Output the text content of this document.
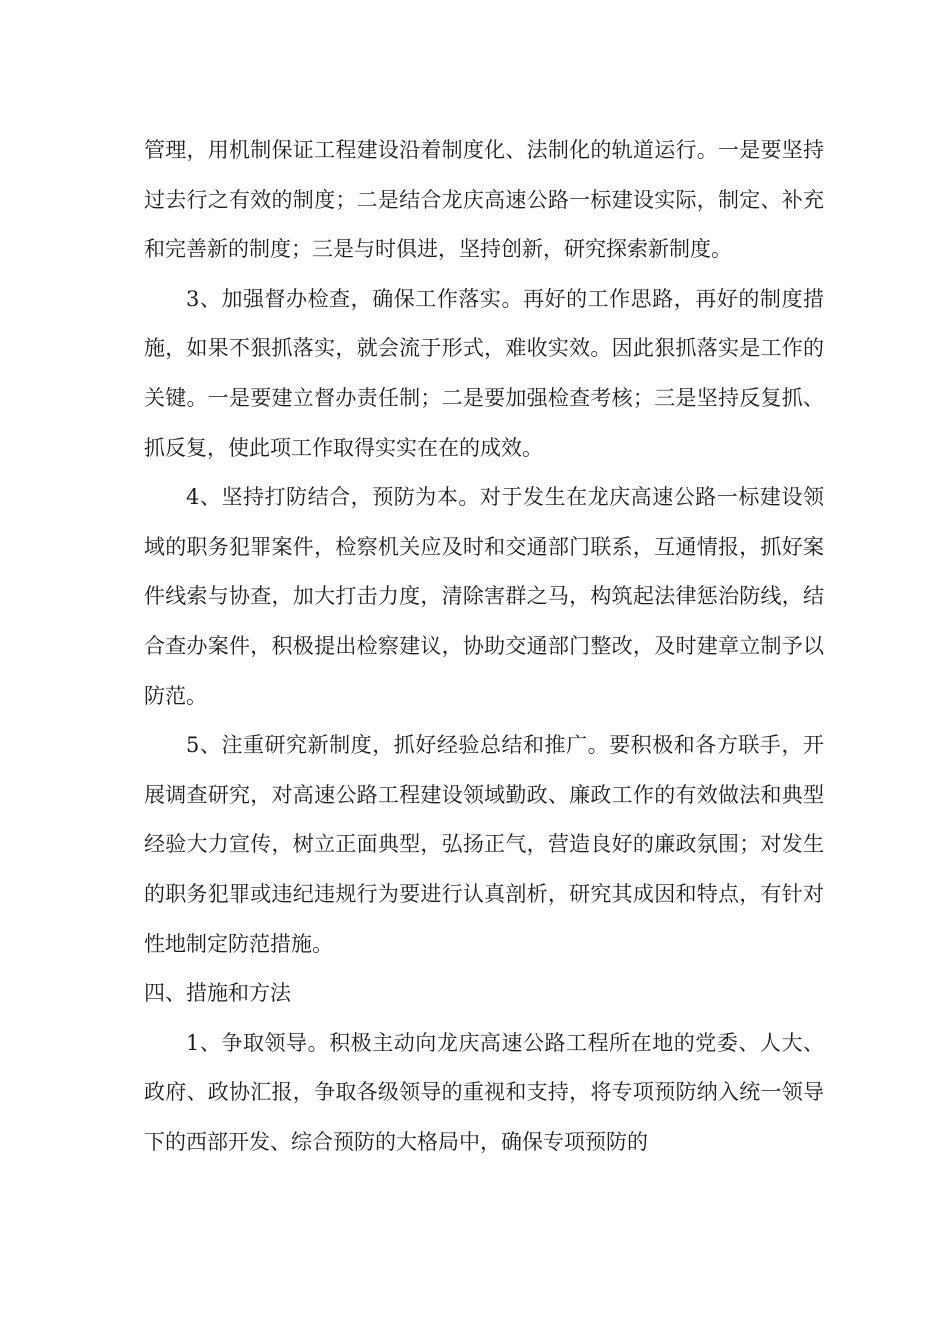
管理，用机制保证工程建设沿着制度化、法制化的轨道运行。一是要坚持过去行之有效的制度；二是结合龙庆高速公路一标建设实际，制定、补充和完善新的制度；三是与时俱进，坚持创新，研究探索新制度。

3、加强督办检查，确保工作落实。再好的工作思路，再好的制度措施，如果不狠抓落实，就会流于形式，难收实效。因此狠抓落实是工作的关键。一是要建立督办责任制；二是要加强检查考核；三是坚持反复抓、抓反复，使此项工作取得实实在在的成效。

4、坚持打防结合，预防为本。对于发生在龙庆高速公路一标建设领域的职务犯罪案件，检察机关应及时和交通部门联系，互通情报，抓好案件线索与协查，加大打击力度，清除害群之马，构筑起法律惩治防线，结合查办案件，积极提出检察建议，协助交通部门整改，及时建章立制予以防范。

5、注重研究新制度，抓好经验总结和推广。要积极和各方联手，开展调查研究，对高速公路工程建设领域勤政、廉政工作的有效做法和典型经验大力宣传，树立正面典型，弘扬正气，营造良好的廉政氛围；对发生的职务犯罪或违纪违规行为要进行认真剖析，研究其成因和特点，有针对性地制定防范措施。

四、措施和方法

1、争取领导。积极主动向龙庆高速公路工程所在地的党委、人大、政府、政协汇报，争取各级领导的重视和支持，将专项预防纳入统一领导下的西部开发、综合预防的大格局中，确保专项预防的
